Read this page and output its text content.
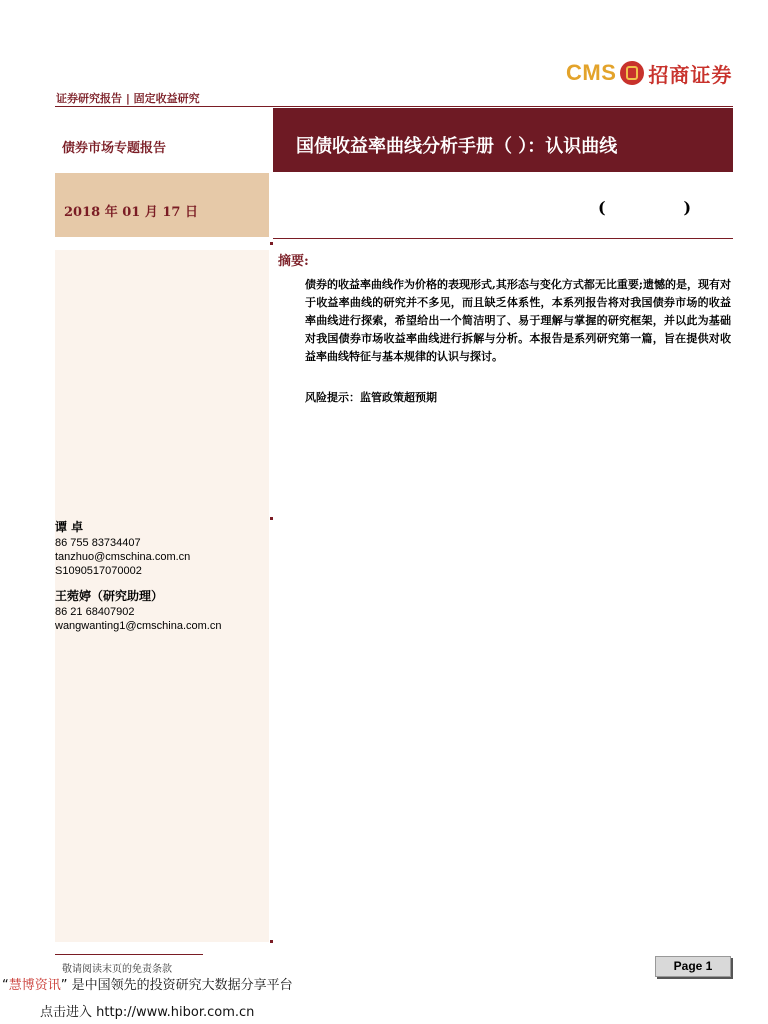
CMS 招商证券
证券研究报告 | 固定收益研究
债券市场专题报告
2018 年 01 月 17 日
国债收益率曲线分析手册（ ）：认识曲线
(              )
摘要:
债券的收益率曲线作为价格的表现形式,其形态与变化方式都无比重要;遗憾的是，现有对于收益率曲线的研究并不多见，而且缺乏体系性，本系列报告将对我国债券市场的收益率曲线进行探索，希望给出一个简洁明了、易于理解与掌握的研究框架，并以此为基础对我国债券市场收益率曲线进行拆解与分析。本报告是系列研究第一篇，旨在提供对收益率曲线特征与基本规律的认识与探讨。
风险提示：监管政策超预期
谭 卓
86 755 83734407
tanzhuo@cmschina.com.cn
S1090517070002
王菀婷（研究助理）
86 21 68407902
wangwanting1@cmschina.com.cn
敬请阅读末页的免责条款	Page 1
“慧博资讯” 是中国领先的投资研究大数据分享平台
点击进入 http://www.hibor.com.cn
